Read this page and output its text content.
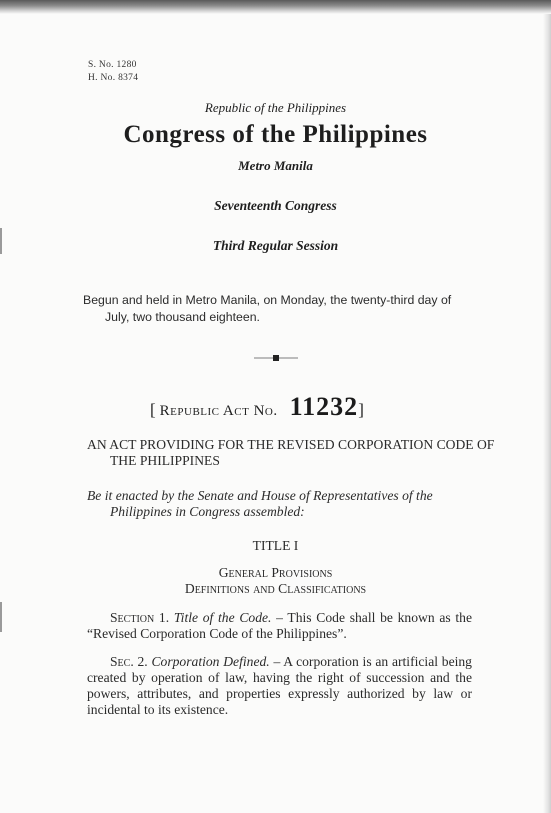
S. No. 1280

H. No. 8374

Republic of the Philippines

Congress of the Philippines

Metro Manila

Seventeenth Congress

Third Regular Session

Begun and held in Metro Manila, on Monday, the twenty-third day of July, two thousand eighteen.

[ Republic Act No. 11232]

AN ACT PROVIDING FOR THE REVISED CORPORATION CODE OF THE PHILIPPINES

Be it enacted by the Senate and House of Representatives of the Philippines in Congress assembled:

TITLE I

General Provisions

Definitions and Classifications

Section 1. Title of the Code. – This Code shall be known as the “Revised Corporation Code of the Philippines”.

Sec. 2. Corporation Defined. – A corporation is an artificial being created by operation of law, having the right of succession and the powers, attributes, and properties expressly authorized by law or incidental to its existence.
